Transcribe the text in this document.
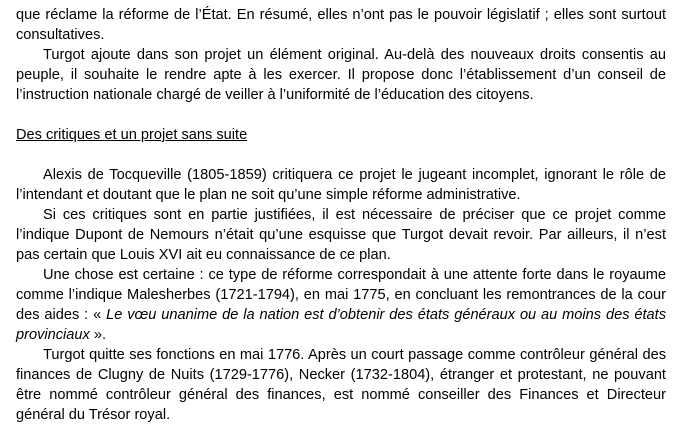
que réclame la réforme de l’État. En résumé, elles n’ont pas le pouvoir législatif ; elles sont surtout consultatives.

Turgot ajoute dans son projet un élément original. Au-delà des nouveaux droits consentis au peuple, il souhaite le rendre apte à les exercer. Il propose donc l’établissement d’un conseil de l’instruction nationale chargé de veiller à l’uniformité de l’éducation des citoyens.

Des critiques et un projet sans suite

Alexis de Tocqueville (1805-1859) critiquera ce projet le jugeant incomplet, ignorant le rôle de l’intendant et doutant que le plan ne soit qu’une simple réforme administrative.

Si ces critiques sont en partie justifiées, il est nécessaire de préciser que ce projet comme l’indique Dupont de Nemours n’était qu’une esquisse que Turgot devait revoir. Par ailleurs, il n’est pas certain que Louis XVI ait eu connaissance de ce plan.

Une chose est certaine : ce type de réforme correspondait à une attente forte dans le royaume comme l’indique Malesherbes (1721-1794), en mai 1775, en concluant les remontrances de la cour des aides : « Le vœu unanime de la nation est d’obtenir des états généraux ou au moins des états provinciaux ».

Turgot quitte ses fonctions en mai 1776. Après un court passage comme contrôleur général des finances de Clugny de Nuits (1729-1776), Necker (1732-1804), étranger et protestant, ne pouvant être nommé contrôleur général des finances, est nommé conseiller des Finances et Directeur général du Trésor royal.
